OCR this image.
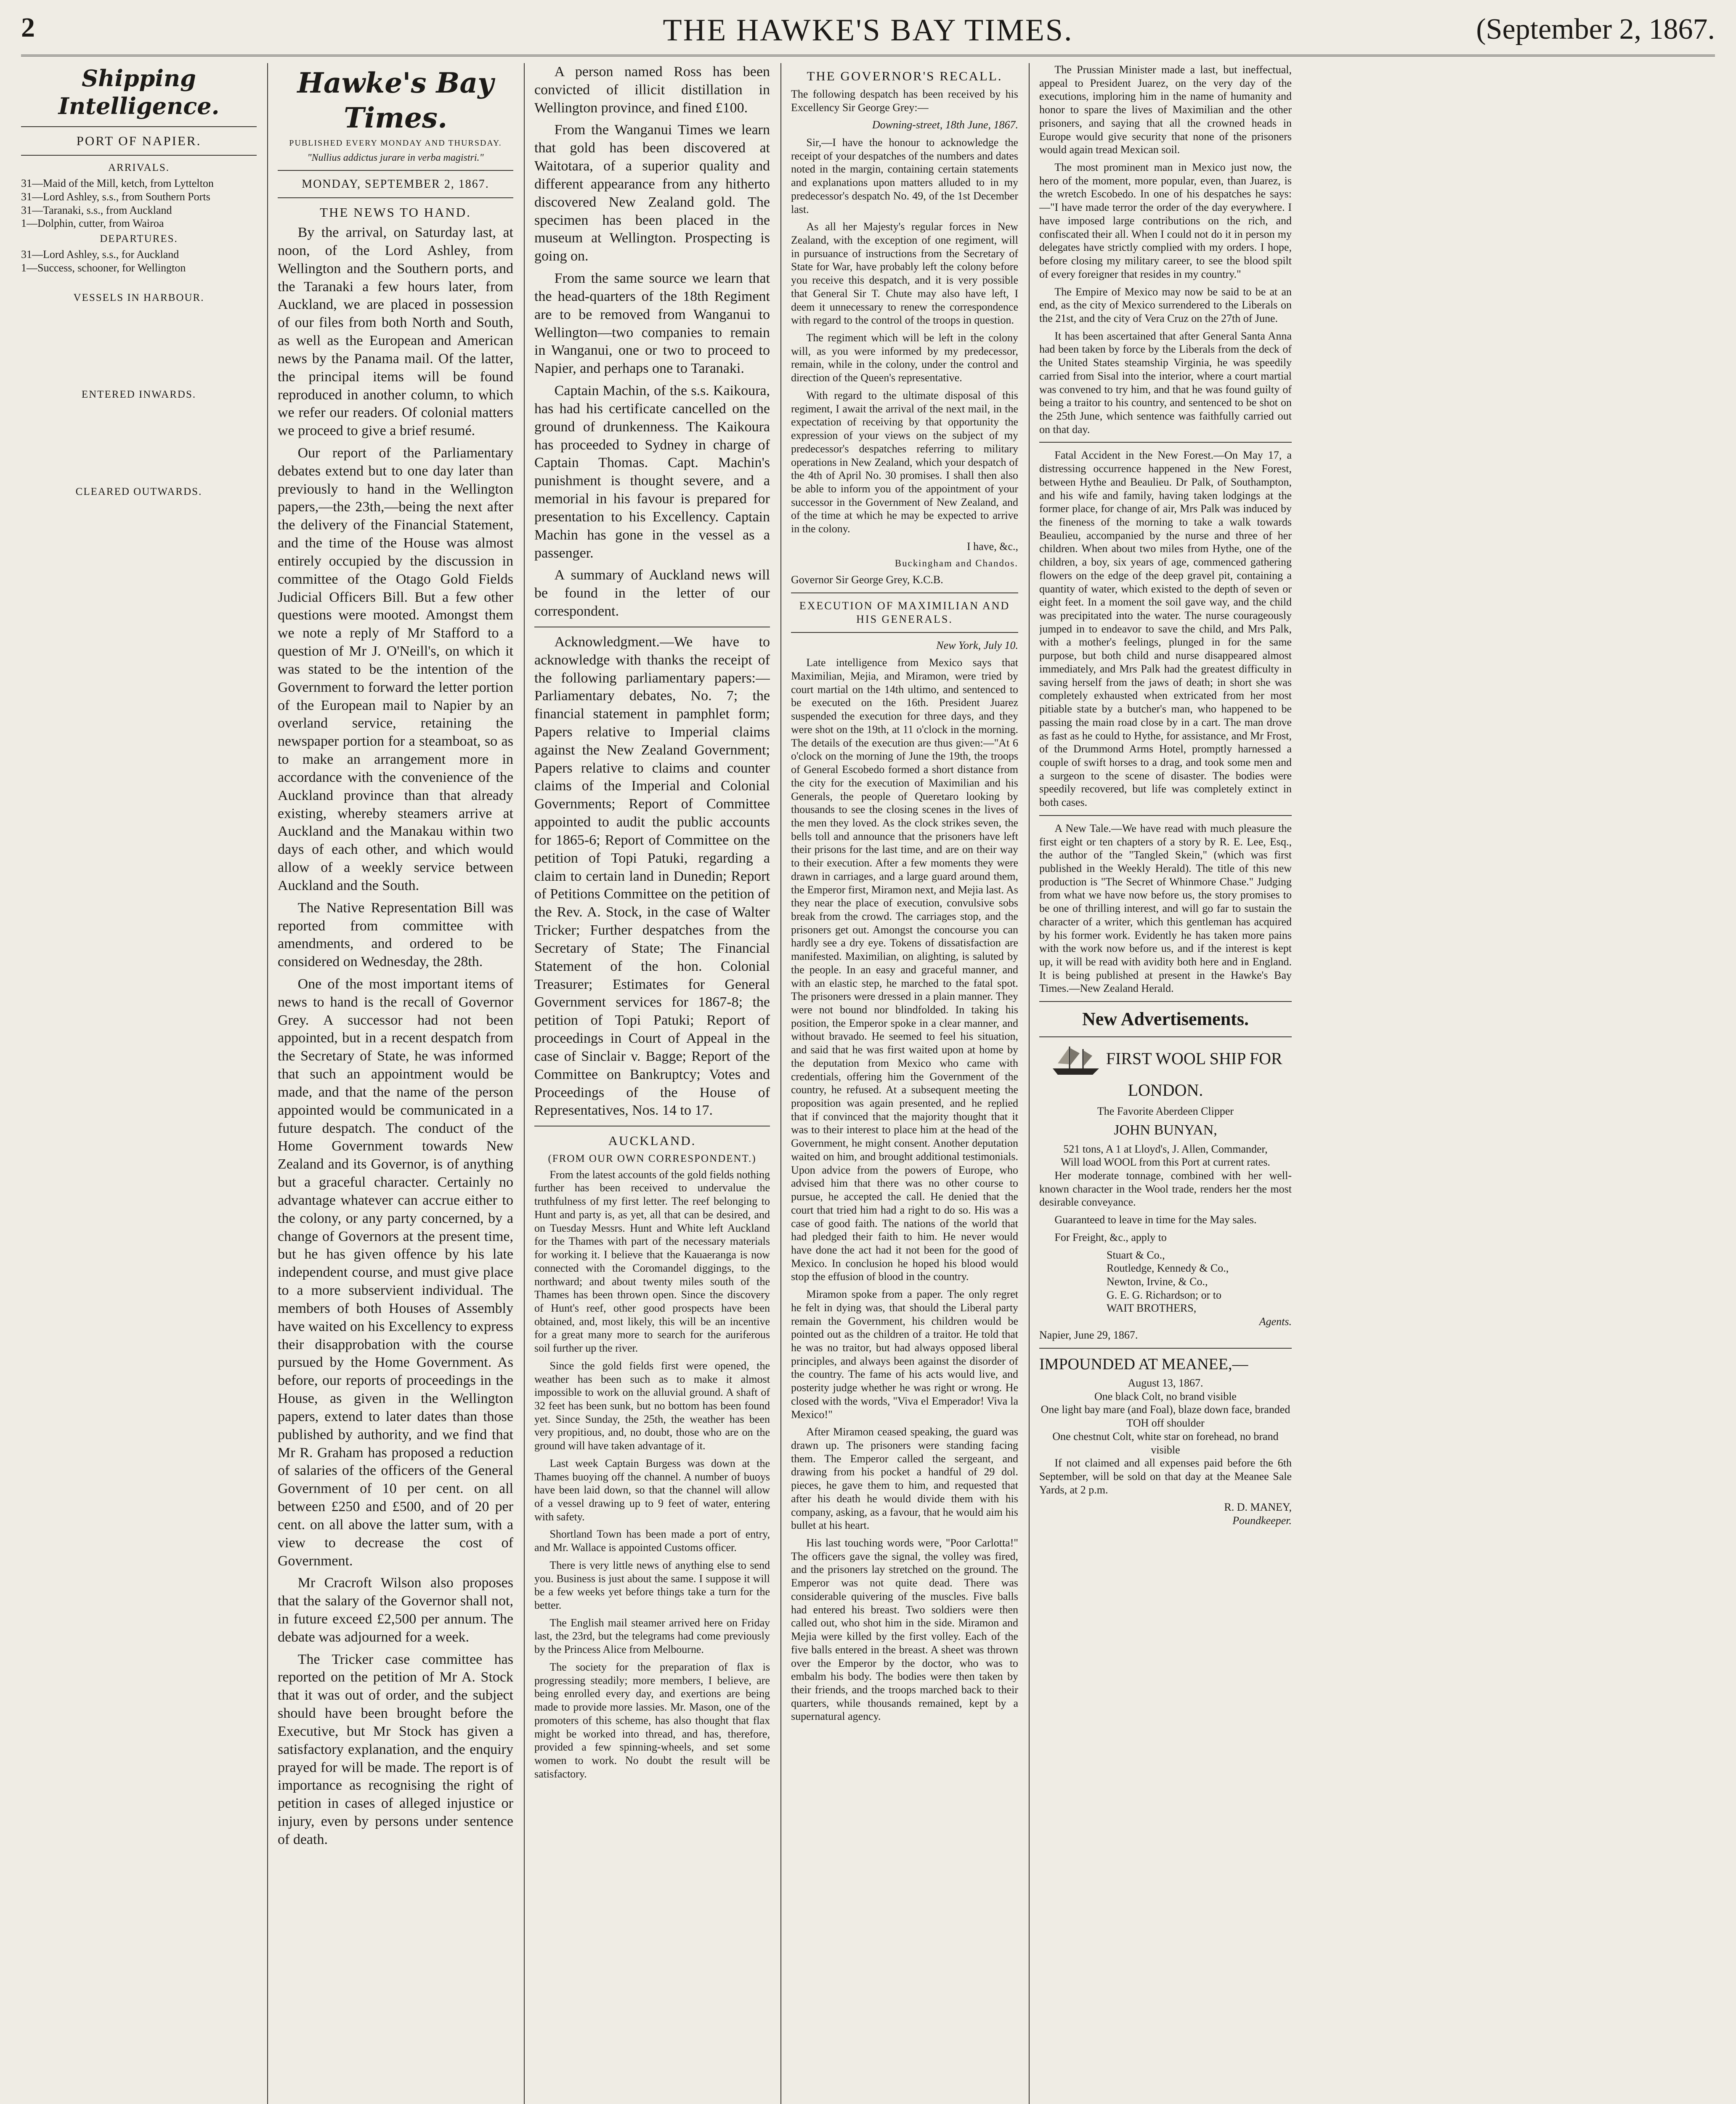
2	THE HAWKE'S BAY TIMES.	(September 2, 1867.
Shipping Intelligence.
PORT OF NAPIER.
ARRIVALS.
31—Maid of the Mill, ketch, from Lyttelton
31—Lord Ashley, s.s., from Southern Ports
31—Taranaki, s.s., from Auckland
1—Dolphin, cutter, from Wairoa
DEPARTURES.
31—Lord Ashley, s.s., for Auckland
1—Success, schooner, for Wellington
VESSELS IN HARBOUR.
ENTERED INWARDS.
CLEARED OUTWARDS.
Hawke's Bay Times.
PUBLISHED EVERY MONDAY AND THURSDAY.
"Nullius addictus jurare in verba magistri."
MONDAY, SEPTEMBER 2, 1867.
THE NEWS TO HAND.

By the arrival, on Saturday last, at noon, of the Lord Ashley, from Wellington and the Southern ports, and the Taranaki a few hours later, from Auckland, we are placed in possession of our files from both North and South, as well as the European and American news by the Panama mail. Of the latter, the principal items will be found reproduced in another column, to which we refer our readers. Of colonial matters we proceed to give a brief resumé.

Our report of the Parliamentary debates extend but to one day later than previously to hand in the Wellington papers,—the 23th,—being the next after the delivery of the Financial Statement, and the time of the House was almost entirely occupied by the discussion in committee of the Otago Gold Fields Judicial Officers Bill. But a few other questions were mooted. Amongst them we note a reply of Mr Stafford to a question of Mr J. O'Neill's, on which it was stated to be the intention of the Government to forward the letter portion of the European mail to Napier by an overland service, retaining the newspaper portion for a steamboat, so as to make an arrangement more in accordance with the convenience of the Auckland province than that already existing, whereby steamers arrive at Auckland and the Manakau within two days of each other, and which would allow of a weekly service between Auckland and the South.

The Native Representation Bill was reported from committee with amendments, and ordered to be considered on Wednesday, the 28th.

One of the most important items of news to hand is the recall of Governor Grey. A successor had not been appointed, but in a recent despatch from the Secretary of State, he was informed that such an appointment would be made, and that the name of the person appointed would be communicated in a future despatch. The conduct of the Home Government towards New Zealand and its Governor, is of anything but a graceful character. Certainly no advantage whatever can accrue either to the colony, or any party concerned, by a change of Governors at the present time, but he has given offence by his late independent course, and must give place to a more subservient individual. The members of both Houses of Assembly have waited on his Excellency to express their disapprobation with the course pursued by the Home Government. As before, our reports of proceedings in the House, as given in the Wellington papers, extend to later dates than those published by authority, and we find that Mr R. Graham has proposed a reduction of salaries of the officers of the General Government of 10 per cent. on all between £250 and £500, and of 20 per cent. on all above the latter sum, with a view to decrease the cost of Government.

Mr Cracroft Wilson also proposes that the salary of the Governor shall not, in future exceed £2,500 per annum. The debate was adjourned for a week.

The Tricker case committee has reported on the petition of Mr A. Stock that it was out of order, and the subject should have been brought before the Executive, but Mr Stock has given a satisfactory explanation, and the enquiry prayed for will be made. The report is of importance as recognising the right of petition in cases of alleged injustice or injury, even by persons under sentence of death.

A person named Ross has been convicted of illicit distillation in Wellington province, and fined £100.

From the Wanganui Times we learn that gold has been discovered at Waitotara, of a superior quality and different appearance from any hitherto discovered New Zealand gold. The specimen has been placed in the museum at Wellington. Prospecting is going on.

From the same source we learn that the head-quarters of the 18th Regiment are to be removed from Wanganui to Wellington—two companies to remain in Wanganui, one or two to proceed to Napier, and perhaps one to Taranaki.

Captain Machin, of the s.s. Kaikoura, has had his certificate cancelled on the ground of drunkenness. The Kaikoura has proceeded to Sydney in charge of Captain Thomas. Capt. Machin's punishment is thought severe, and a memorial in his favour is prepared for presentation to his Excellency. Captain Machin has gone in the vessel as a passenger.

A summary of Auckland news will be found in the letter of our correspondent.

Acknowledgment.—We have to acknowledge with thanks the receipt of the following parliamentary papers:—Parliamentary debates, No. 7; the financial statement in pamphlet form; Papers relative to Imperial claims against the New Zealand Government; Papers relative to claims and counter claims of the Imperial and Colonial Governments; Report of Committee appointed to audit the public accounts for 1865-6; Report of Committee on the petition of Topi Patuki, regarding a claim to certain land in Dunedin; Report of Petitions Committee on the petition of the Rev. A. Stock, in the case of Walter Tricker; Further despatches from the Secretary of State; The Financial Statement of the hon. Colonial Treasurer; Estimates for General Government services for 1867-8; the petition of Topi Patuki; Report of proceedings in Court of Appeal in the case of Sinclair v. Bagge; Report of the Committee on Bankruptcy; Votes and Proceedings of the House of Representatives, Nos. 14 to 17.

AUCKLAND.
(FROM OUR OWN CORRESPONDENT.)

From the latest accounts of the gold fields nothing further has been received to undervalue the truthfulness of my first letter. The reef belonging to Hunt and party is, as yet, all that can be desired, and on Tuesday Messrs. Hunt and White left Auckland for the Thames with part of the necessary materials for working it. I believe that the Kauaeranga is now connected with the Coromandel diggings, to the northward; and about twenty miles south of the Thames has been thrown open. Since the discovery of Hunt's reef, other good prospects have been obtained, and, most likely, this will be an incentive for a great many more to search for the auriferous soil further up the river.

Since the gold fields first were opened, the weather has been such as to make it almost impossible to work on the alluvial ground. A shaft of 32 feet has been sunk, but no bottom has been found yet. Since Sunday, the 25th, the weather has been very propitious, and, no doubt, those who are on the ground will have taken advantage of it.

Last week Captain Burgess was down at the Thames buoying off the channel. A number of buoys have been laid down, so that the channel will allow of a vessel drawing up to 9 feet of water, entering with safety.

Shortland Town has been made a port of entry, and Mr. Wallace is appointed Customs officer.

There is very little news of anything else to send you. Business is just about the same. I suppose it will be a few weeks yet before things take a turn for the better.

The English mail steamer arrived here on Friday last, the 23rd, but the telegrams had come previously by the Princess Alice from Melbourne.

The society for the preparation of flax is progressing steadily; more members, I believe, are being enrolled every day, and exertions are being made to provide more lassies. Mr. Mason, one of the promoters of this scheme, has also thought that flax might be worked into thread, and has, therefore, provided a few spinning-wheels, and set some women to work. No doubt the result will be satisfactory.

THE GOVERNOR'S RECALL.

The following despatch has been received by his Excellency Sir George Grey:—

Downing-street, 18th June, 1867.

Sir,—I have the honour to acknowledge the receipt of your despatches of the numbers and dates noted in the margin, containing certain statements and explanations upon matters alluded to in my predecessor's despatch No. 49, of the 1st December last.

As all her Majesty's regular forces in New Zealand, with the exception of one regiment, will in pursuance of instructions from the Secretary of State for War, have probably left the colony before you receive this despatch, and it is very possible that General Sir T. Chute may also have left, I deem it unnecessary to renew the correspondence with regard to the control of the troops in question.

The regiment which will be left in the colony will, as you were informed by my predecessor, remain, while in the colony, under the control and direction of the Queen's representative.

With regard to the ultimate disposal of this regiment, I await the arrival of the next mail, in the expectation of receiving by that opportunity the expression of your views on the subject of my predecessor's despatches referring to military operations in New Zealand, which your despatch of the 4th of April No. 30 promises. I shall then also be able to inform you of the appointment of your successor in the Government of New Zealand, and of the time at which he may be expected to arrive in the colony.

I have, &c.,

Buckingham and Chandos.

Governor Sir George Grey, K.C.B.

EXECUTION OF MAXIMILIAN AND HIS GENERALS.

New York, July 10.

Late intelligence from Mexico says that Maximilian, Mejia, and Miramon, were tried by court martial on the 14th ultimo, and sentenced to be executed on the 16th. President Juarez suspended the execution for three days, and they were shot on the 19th, at 11 o'clock in the morning. The details of the execution are thus given:—"At 6 o'clock on the morning of June the 19th, the troops of General Escobedo formed a short distance from the city for the execution of Maximilian and his Generals, the people of Queretaro looking by thousands to see the closing scenes in the lives of the men they loved. As the clock strikes seven, the bells toll and announce that the prisoners have left their prisons for the last time, and are on their way to their execution. After a few moments they were drawn in carriages, and a large guard around them, the Emperor first, Miramon next, and Mejia last. As they near the place of execution, convulsive sobs break from the crowd. The carriages stop, and the prisoners get out. Amongst the concourse you can hardly see a dry eye. Tokens of dissatisfaction are manifested. Maximilian, on alighting, is saluted by the people. In an easy and graceful manner, and with an elastic step, he marched to the fatal spot. The prisoners were dressed in a plain manner. They were not bound nor blindfolded. In taking his position, the Emperor spoke in a clear manner, and without bravado. He seemed to feel his situation, and said that he was first waited upon at home by the deputation from Mexico who came with credentials, offering him the Government of the country, he refused. At a subsequent meeting the proposition was again presented, and he replied that if convinced that the majority thought that it was to their interest to place him at the head of the Government, he might consent. Another deputation waited on him, and brought additional testimonials. Upon advice from the powers of Europe, who advised him that there was no other course to pursue, he accepted the call. He denied that the court that tried him had a right to do so. His was a case of good faith. The nations of the world that had pledged their faith to him. He never would have done the act had it not been for the good of Mexico. In conclusion he hoped his blood would stop the effusion of blood in the country.

Miramon spoke from a paper. The only regret he felt in dying was, that should the Liberal party remain the Government, his children would be pointed out as the children of a traitor. He told that he was no traitor, but had always opposed liberal principles, and always been against the disorder of the country. The fame of his acts would live, and posterity judge whether he was right or wrong. He closed with the words, "Viva el Emperador! Viva la Mexico!"

After Miramon ceased speaking, the guard was drawn up. The prisoners were standing facing them. The Emperor called the sergeant, and drawing from his pocket a handful of 29 dol. pieces, he gave them to him, and requested that after his death he would divide them with his company, asking, as a favour, that he would aim his bullet at his heart.

His last touching words were, "Poor Carlotta!" The officers gave the signal, the volley was fired, and the prisoners lay stretched on the ground. The Emperor was not quite dead. There was considerable quivering of the muscles. Five balls had entered his breast. Two soldiers were then called out, who shot him in the side. Miramon and Mejia were killed by the first volley. Each of the five balls entered in the breast. A sheet was thrown over the Emperor by the doctor, who was to embalm his body. The bodies were then taken by their friends, and the troops marched back to their quarters, while thousands remained, kept by a supernatural agency.

The Prussian Minister made a last, but ineffectual, appeal to President Juarez, on the very day of the executions, imploring him in the name of humanity and honor to spare the lives of Maximilian and the other prisoners, and saying that all the crowned heads in Europe would give security that none of the prisoners would again tread Mexican soil.

The most prominent man in Mexico just now, the hero of the moment, more popular, even, than Juarez, is the wretch Escobedo. In one of his despatches he says:—"I have made terror the order of the day everywhere. I have imposed large contributions on the rich, and confiscated their all. When I could not do it in person my delegates have strictly complied with my orders. I hope, before closing my military career, to see the blood spilt of every foreigner that resides in my country."

The Empire of Mexico may now be said to be at an end, as the city of Mexico surrendered to the Liberals on the 21st, and the city of Vera Cruz on the 27th of June.

It has been ascertained that after General Santa Anna had been taken by force by the Liberals from the deck of the United States steamship Virginia, he was speedily carried from Sisal into the interior, where a court martial was convened to try him, and that he was found guilty of being a traitor to his country, and sentenced to be shot on the 25th June, which sentence was faithfully carried out on that day.

Fatal Accident in the New Forest.—On May 17, a distressing occurrence happened in the New Forest, between Hythe and Beaulieu. Dr Palk, of Southampton, and his wife and family, having taken lodgings at the former place, for change of air, Mrs Palk was induced by the fineness of the morning to take a walk towards Beaulieu, accompanied by the nurse and three of her children. When about two miles from Hythe, one of the children, a boy, six years of age, commenced gathering flowers on the edge of the deep gravel pit, containing a quantity of water, which existed to the depth of seven or eight feet. In a moment the soil gave way, and the child was precipitated into the water. The nurse courageously jumped in to endeavor to save the child, and Mrs Palk, with a mother's feelings, plunged in for the same purpose, but both child and nurse disappeared almost immediately, and Mrs Palk had the greatest difficulty in saving herself from the jaws of death; in short she was completely exhausted when extricated from her most pitiable state by a butcher's man, who happened to be passing the main road close by in a cart. The man drove as fast as he could to Hythe, for assistance, and Mr Frost, of the Drummond Arms Hotel, promptly harnessed a couple of swift horses to a drag, and took some men and a surgeon to the scene of disaster. The bodies were speedily recovered, but life was completely extinct in both cases.

A New Tale.—We have read with much pleasure the first eight or ten chapters of a story by R. E. Lee, Esq., the author of the "Tangled Skein," (which was first published in the Weekly Herald). The title of this new production is "The Secret of Whinmore Chase." Judging from what we have now before us, the story promises to be one of thrilling interest, and will go far to sustain the character of a writer, which this gentleman has acquired by his former work. Evidently he has taken more pains with the work now before us, and if the interest is kept up, it will be read with avidity both here and in England. It is being published at present in the Hawke's Bay Times.—New Zealand Herald.

New Advertisements.
FIRST WOOL SHIP FOR LONDON.
The Favorite Aberdeen Clipper
JOHN BUNYAN,
521 tons, A 1 at Lloyd's, J. Allen, Commander,
Will load WOOL from this Port at current rates.

Her moderate tonnage, combined with her well-known character in the Wool trade, renders her the most desirable conveyance.

Guaranteed to leave in time for the May sales.

For Freight, &c., apply to

Stuart & Co.,
Routledge, Kennedy & Co.,
Newton, Irvine, & Co.,
G. E. G. Richardson; or to
WAIT BROTHERS,
Agents.

Napier, June 29, 1867.

IMPOUNDED AT MEANEE,—
August 13, 1867.
One black Colt, no brand visible
One light bay mare (and Foal), blaze down face, branded TOH off shoulder
One chestnut Colt, white star on forehead, no brand visible

If not claimed and all expenses paid before the 6th September, will be sold on that day at the Meanee Sale Yards, at 2 p.m.

R. D. MANEY,
Poundkeeper.
